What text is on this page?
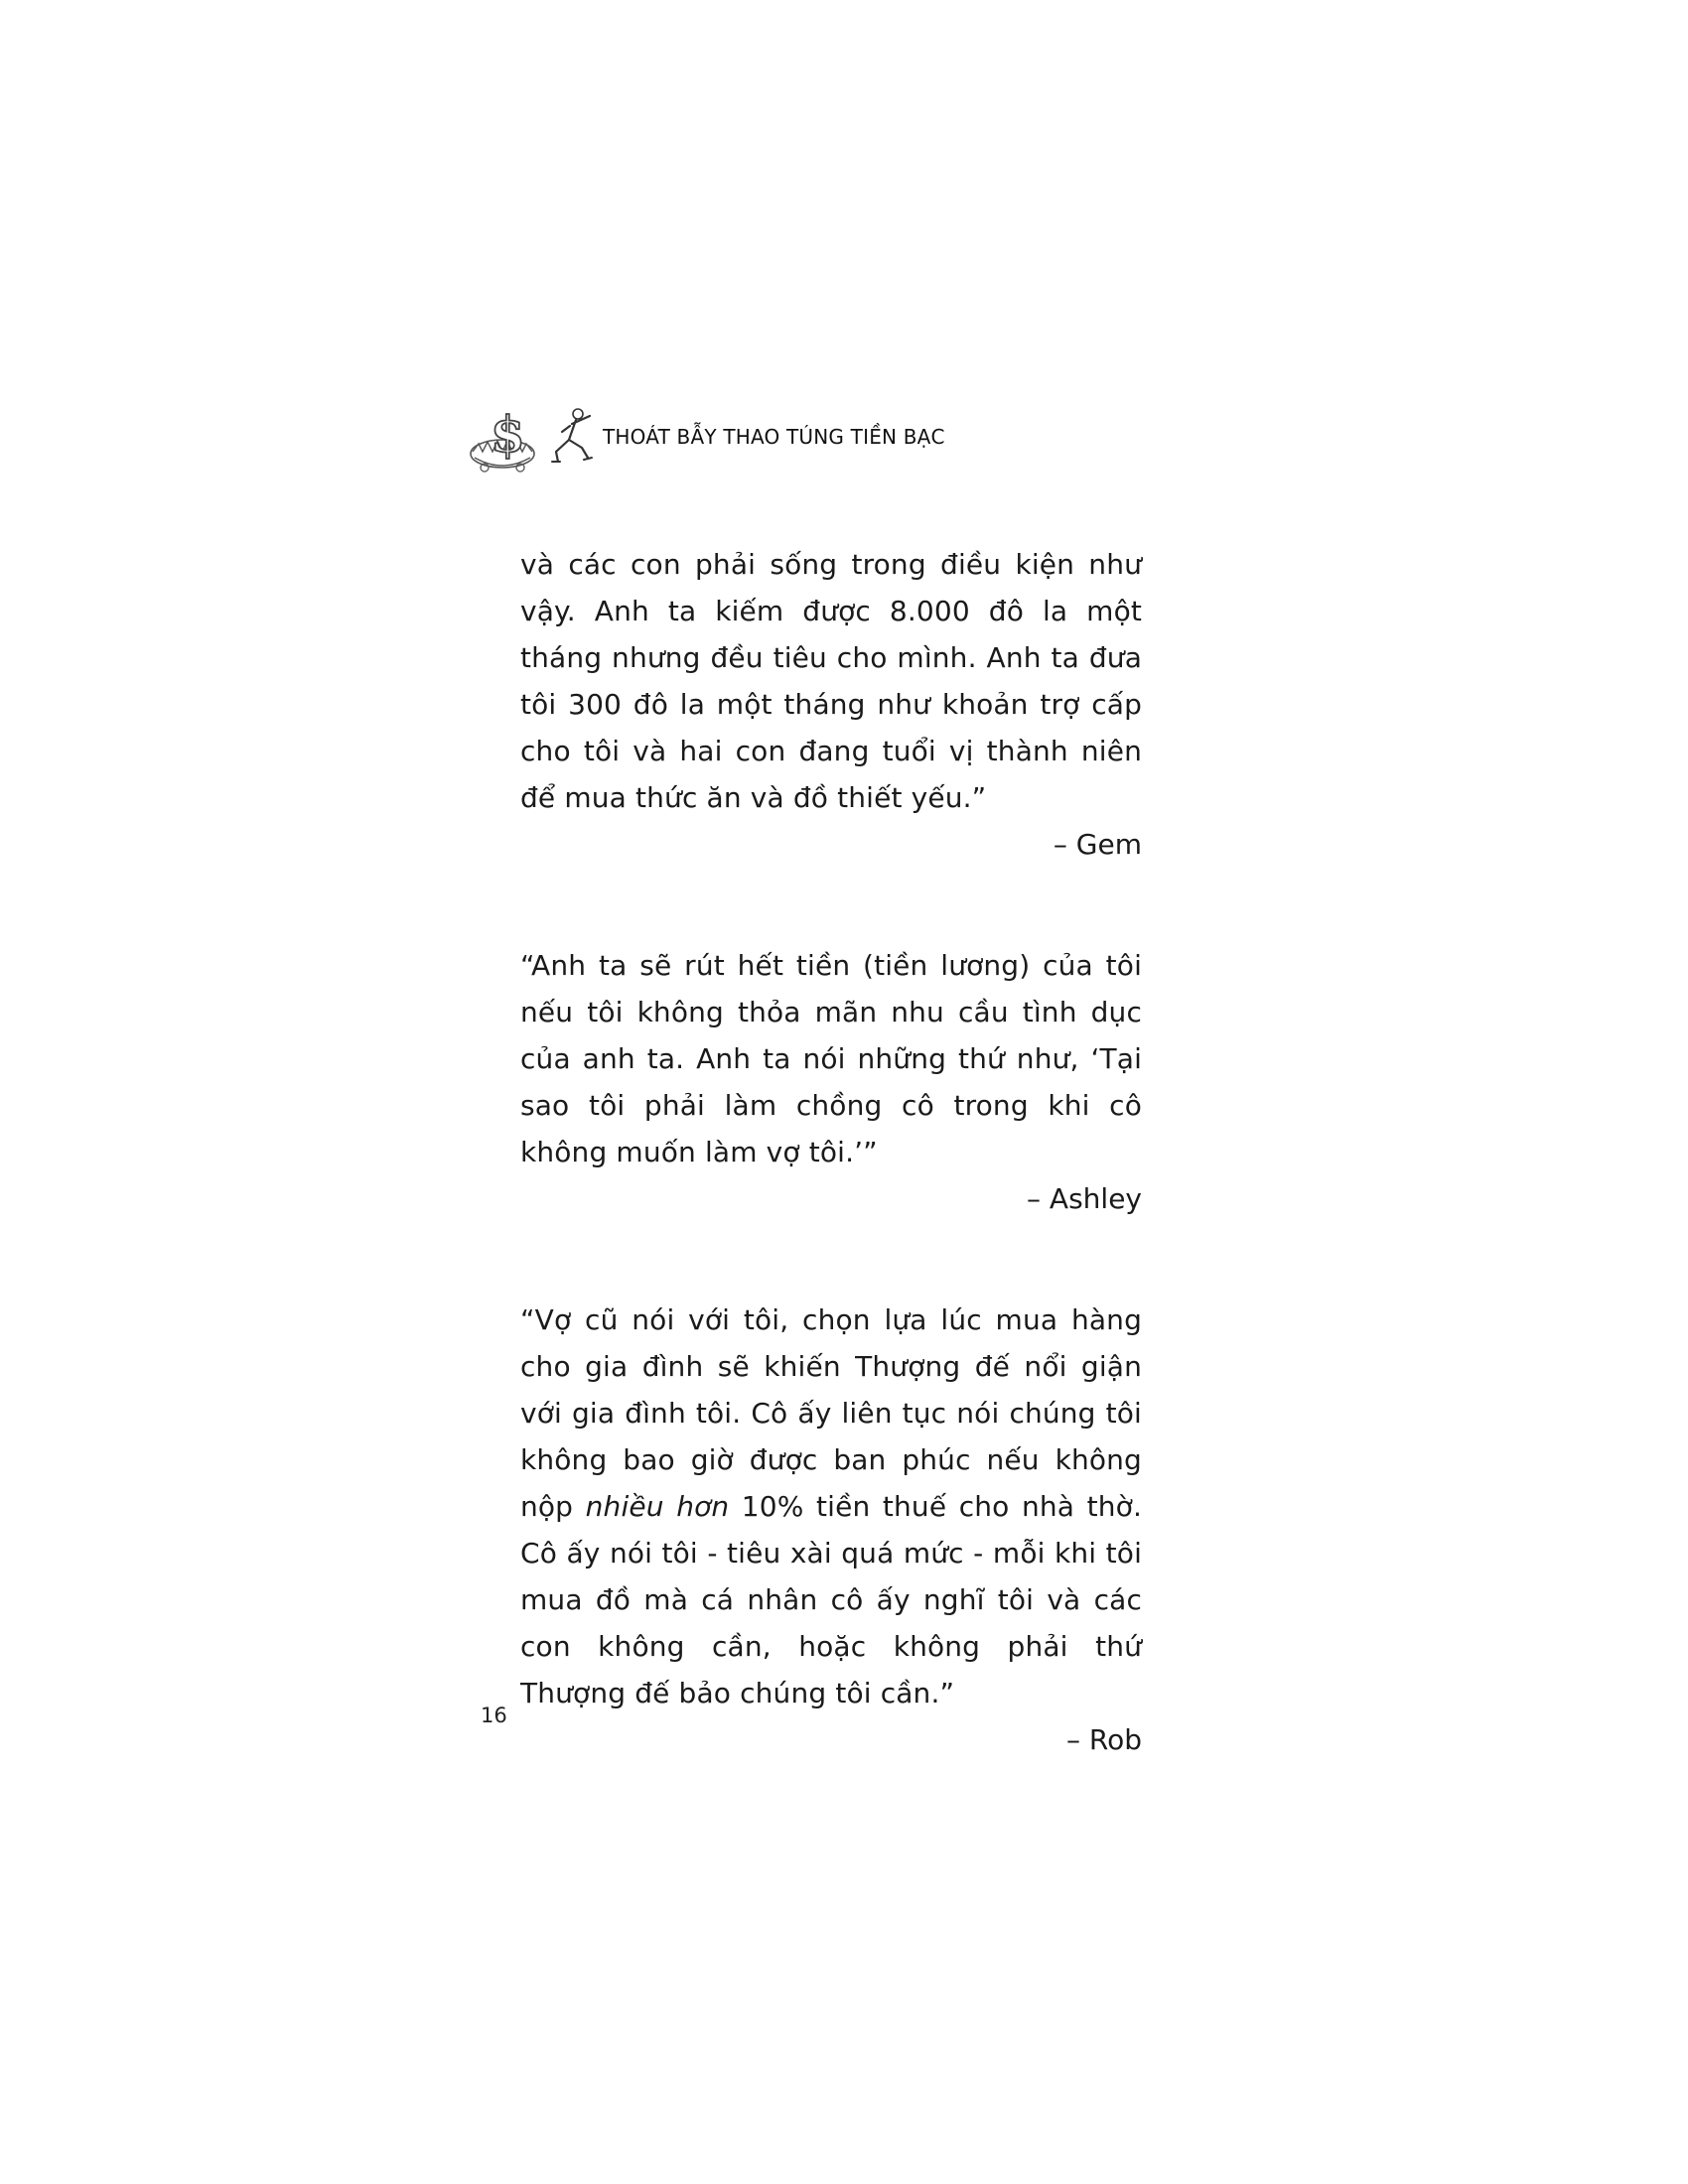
$	THOÁT BẪY THAO TÚNG TIỀN BẠC

và các con phải sống trong điều kiện như vậy. Anh ta kiếm được 8.000 đô la một tháng nhưng đều tiêu cho mình. Anh ta đưa tôi 300 đô la một tháng như khoản trợ cấp cho tôi và hai con đang tuổi vị thành niên để mua thức ăn và đồ thiết yếu.”

– Gem

“Anh ta sẽ rút hết tiền (tiền lương) của tôi nếu tôi không thỏa mãn nhu cầu tình dục của anh ta. Anh ta nói những thứ như, ‘Tại sao tôi phải làm chồng cô trong khi cô không muốn làm vợ tôi.’”

– Ashley

“Vợ cũ nói với tôi, chọn lựa lúc mua hàng cho gia đình sẽ khiến Thượng đế nổi giận với gia đình tôi. Cô ấy liên tục nói chúng tôi không bao giờ được ban phúc nếu không nộp nhiều hơn 10% tiền thuế cho nhà thờ. Cô ấy nói tôi - tiêu xài quá mức - mỗi khi tôi mua đồ mà cá nhân cô ấy nghĩ tôi và các con không cần, hoặc không phải thứ Thượng đế bảo chúng tôi cần.”

– Rob

16
